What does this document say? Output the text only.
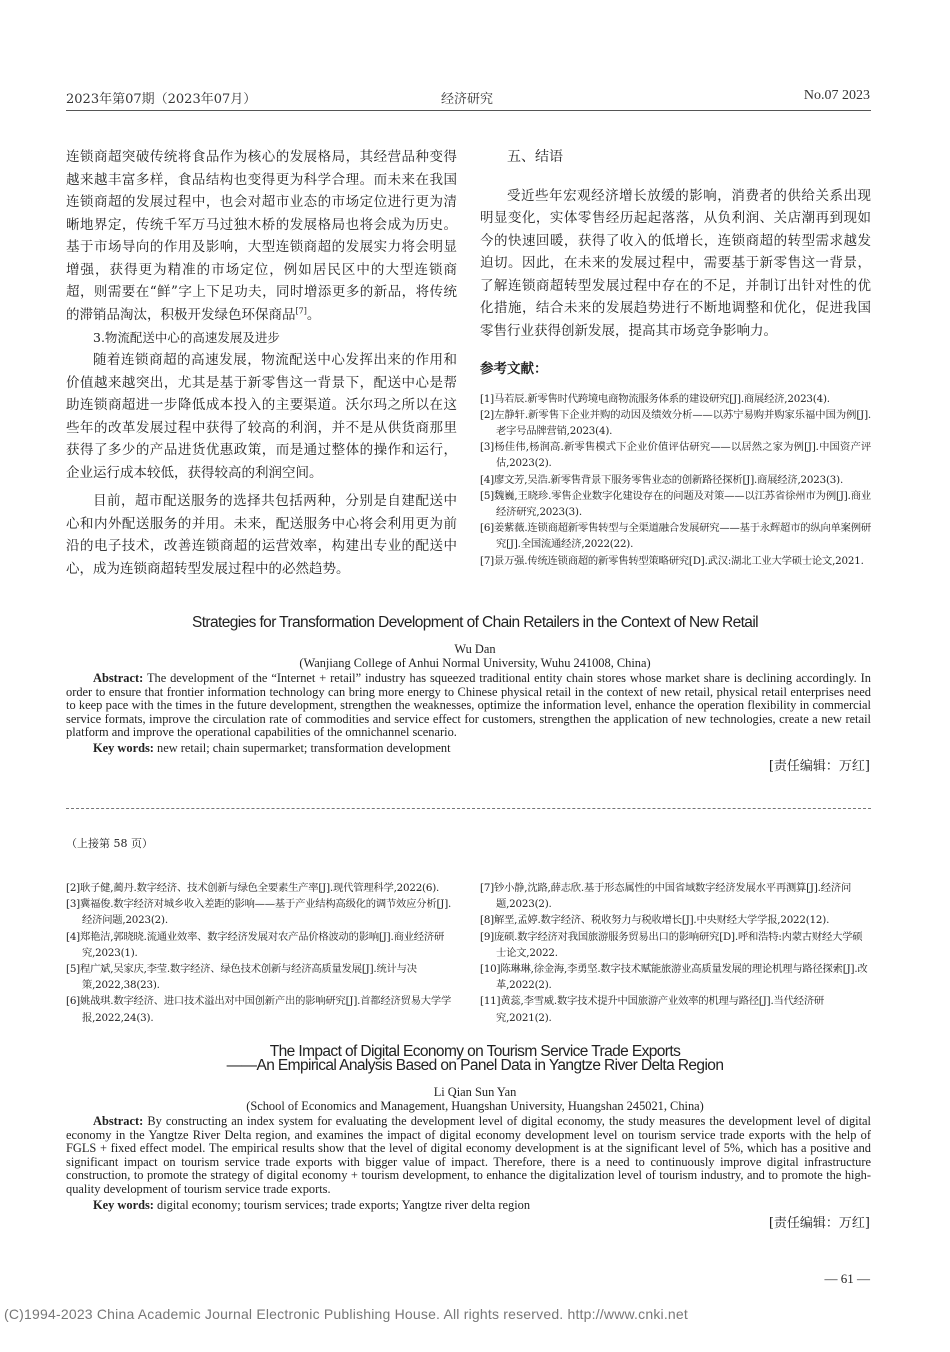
2023年第07期（2023年07月）	经济研究	No.07 2023

连锁商超突破传统将食品作为核心的发展格局，其经营品种变得越来越丰富多样，食品结构也变得更为科学合理。而未来在我国连锁商超的发展过程中，也会对超市业态的市场定位进行更为清晰地界定，传统千军万马过独木桥的发展格局也将会成为历史。基于市场导向的作用及影响，大型连锁商超的发展实力将会明显增强，获得更为精准的市场定位，例如居民区中的大型连锁商超，则需要在“鲜”字上下足功夫，同时增添更多的新品，将传统的滞销品淘汰，积极开发绿色环保商品[7]。

3.物流配送中心的高速发展及进步

随着连锁商超的高速发展，物流配送中心发挥出来的作用和价值越来越突出，尤其是基于新零售这一背景下，配送中心是帮助连锁商超进一步降低成本投入的主要渠道。沃尔玛之所以在这些年的改革发展过程中获得了较高的利润，并不是从供货商那里获得了多少的产品进货优惠政策，而是通过整体的操作和运行，企业运行成本较低，获得较高的利润空间。

目前，超市配送服务的选择共包括两种，分别是自建配送中心和内外配送服务的并用。未来，配送服务中心将会利用更为前沿的电子技术，改善连锁商超的运营效率，构建出专业的配送中心，成为连锁商超转型发展过程中的必然趋势。

五、结语

受近些年宏观经济增长放缓的影响，消费者的供给关系出现明显变化，实体零售经历起起落落，从负利润、关店潮再到现如今的快速回暖，获得了收入的低增长，连锁商超的转型需求越发迫切。因此，在未来的发展过程中，需要基于新零售这一背景，了解连锁商超转型发展过程中存在的不足，并制订出针对性的优化措施，结合未来的发展趋势进行不断地调整和优化，促进我国零售行业获得创新发展，提高其市场竞争影响力。

参考文献：

[1]马若辰.新零售时代跨境电商物流服务体系的建设研究[J].商展经济,2023(4).
[2]左静轩.新零售下企业并购的动因及绩效分析——以苏宁易购并购家乐福中国为例[J].老字号品牌营销,2023(4).
[3]杨佳伟,杨润高.新零售模式下企业价值评估研究——以居然之家为例[J].中国资产评估,2023(2).
[4]廖文芳,吴浩.新零售背景下服务零售业态的创新路径探析[J].商展经济,2023(3).
[5]魏巍,王晓珍.零售企业数字化建设存在的问题及对策——以江苏省徐州市为例[J].商业经济研究,2023(3).
[6]姜紫薇.连锁商超新零售转型与全渠道融合发展研究——基于永辉超市的纵向单案例研究[J].全国流通经济,2022(22).
[7]景万强.传统连锁商超的新零售转型策略研究[D].武汉:湖北工业大学硕士论文,2021.
Strategies for Transformation Development of Chain Retailers in the Context of New Retail
Wu Dan
(Wanjiang College of Anhui Normal University, Wuhu 241008, China)
Abstract: The development of the “Internet + retail” industry has squeezed traditional entity chain stores whose market share is declining accordingly. In order to ensure that frontier information technology can bring more energy to Chinese physical retail in the context of new retail, physical retail enterprises need to keep pace with the times in the future development, strengthen the weaknesses, optimize the information level, enhance the operation flexibility in commercial service formats, improve the circulation rate of commodities and service effect for customers, strengthen the application of new technologies, create a new retail platform and improve the operational capabilities of the omnichannel scenario.
Key words: new retail; chain supermarket; transformation development
[责任编辑：万红]
（上接第 58 页）
[2]耿子健,蔺丹.数字经济、技术创新与绿色全要素生产率[J].现代管理科学,2022(6).
[3]冀福俊.数字经济对城乡收入差距的影响——基于产业结构高级化的调节效应分析[J].经济问题,2023(2).
[4]郑艳洁,郭晓晓.流通业效率、数字经济发展对农产品价格波动的影响[J].商业经济研究,2023(1).
[5]程广斌,吴家庆,李莹.数字经济、绿色技术创新与经济高质量发展[J].统计与决策,2022,38(23).
[6]姚战琪.数字经济、进口技术溢出对中国创新产出的影响研究[J].首都经济贸易大学学报,2022,24(3).
[7]钞小静,沈路,薛志欣.基于形态属性的中国省域数字经济发展水平再测算[J].经济问题,2023(2).
[8]解垩,孟婷.数字经济、税收努力与税收增长[J].中央财经大学学报,2022(12).
[9]庞硕.数字经济对我国旅游服务贸易出口的影响研究[D].呼和浩特:内蒙古财经大学硕士论文,2022.
[10]陈琳琳,徐金海,李勇坚.数字技术赋能旅游业高质量发展的理论机理与路径探索[J].改革,2022(2).
[11]黄蕊,李雪威.数字技术提升中国旅游产业效率的机理与路径[J].当代经济研究,2021(2).
The Impact of Digital Economy on Tourism Service Trade Exports
——An Empirical Analysis Based on Panel Data in Yangtze River Delta Region
Li Qian Sun Yan
(School of Economics and Management, Huangshan University, Huangshan 245021, China)
Abstract: By constructing an index system for evaluating the development level of digital economy, the study measures the development level of digital economy in the Yangtze River Delta region, and examines the impact of digital economy development level on tourism service trade exports with the help of FGLS + fixed effect model. The empirical results show that the level of digital economy development is at the significant level of 5%, which has a positive and significant impact on tourism service trade exports with bigger value of impact. Therefore, there is a need to continuously improve digital infrastructure construction, to promote the strategy of digital economy + tourism development, to enhance the digitalization level of tourism industry, and to promote the high-quality development of tourism service trade exports.
Key words: digital economy; tourism services; trade exports; Yangtze river delta region
[责任编辑：万红]
— 61 —
(C)1994-2023 China Academic Journal Electronic Publishing House. All rights reserved. http://www.cnki.net
